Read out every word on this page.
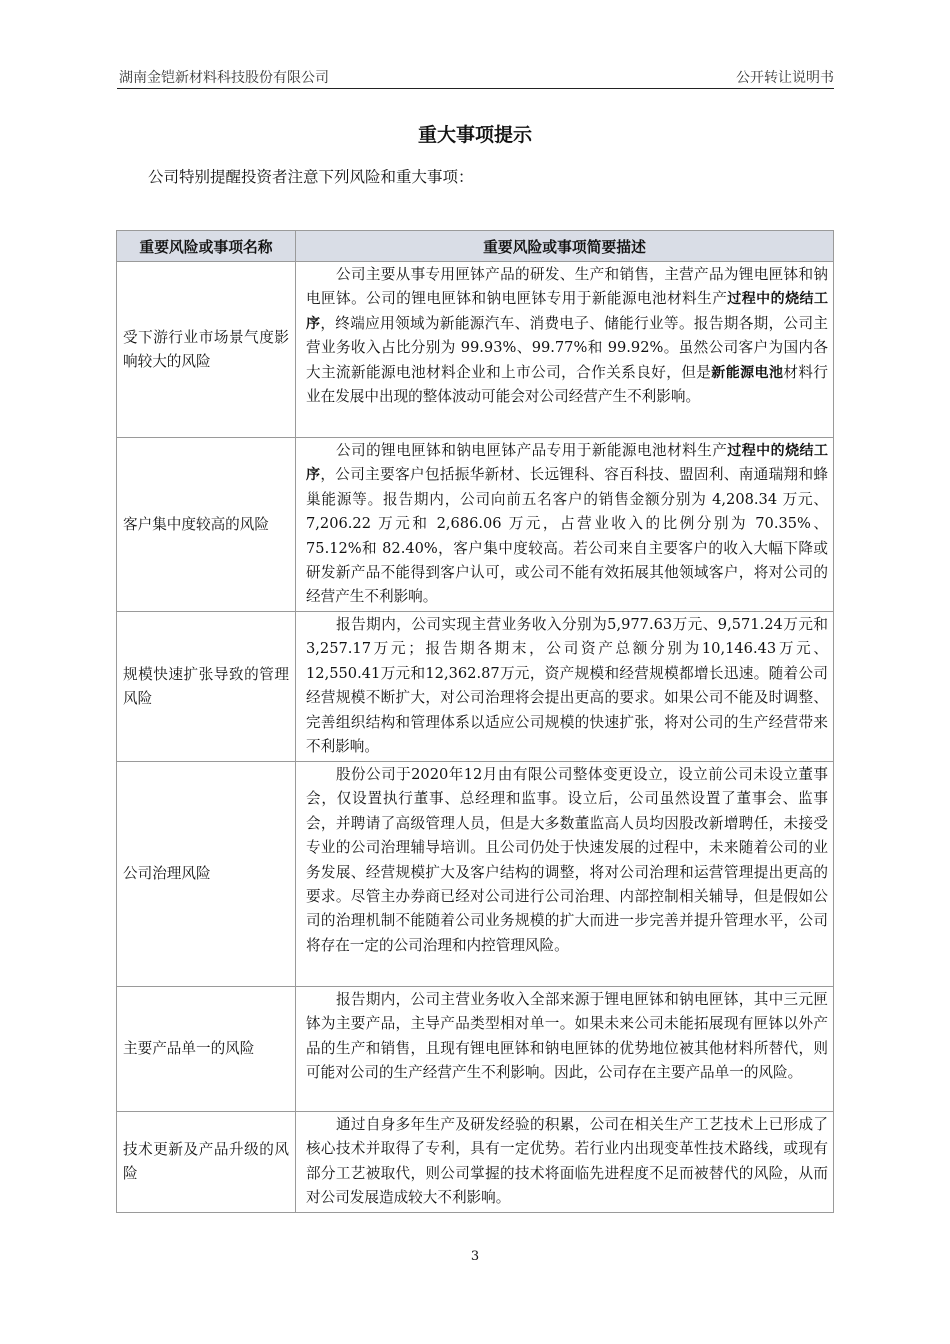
湖南金铠新材料科技股份有限公司	公开转让说明书
重大事项提示
公司特别提醒投资者注意下列风险和重大事项：
重要风险或事项名称	重要风险或事项简要描述
受下游行业市场景气度影响较大的风险	公司主要从事专用匣钵产品的研发、生产和销售，主营产品为锂电匣钵和钠电匣钵。公司的锂电匣钵和钠电匣钵专用于新能源电池材料生产过程中的烧结工序，终端应用领域为新能源汽车、消费电子、储能行业等。报告期各期，公司主营业务收入占比分别为 99.93%、99.77%和 99.92%。虽然公司客户为国内各大主流新能源电池材料企业和上市公司，合作关系良好，但是新能源电池材料行业在发展中出现的整体波动可能会对公司经营产生不利影响。

客户集中度较高的风险	公司的锂电匣钵和钠电匣钵产品专用于新能源电池材料生产过程中的烧结工序，公司主要客户包括振华新材、长远锂科、容百科技、盟固利、南通瑞翔和蜂巢能源等。报告期内，公司向前五名客户的销售金额分别为 4,208.34 万元、7,206.22 万元和 2,686.06 万元，占营业收入的比例分别为 70.35%、75.12%和 82.40%，客户集中度较高。若公司来自主要客户的收入大幅下降或研发新产品不能得到客户认可，或公司不能有效拓展其他领域客户，将对公司的经营产生不利影响。

规模快速扩张导致的管理风险	报告期内，公司实现主营业务收入分别为5,977.63万元、9,571.24万元和3,257.17万元；报告期各期末，公司资产总额分别为10,146.43万元、12,550.41万元和12,362.87万元，资产规模和经营规模都增长迅速。随着公司经营规模不断扩大，对公司治理将会提出更高的要求。如果公司不能及时调整、完善组织结构和管理体系以适应公司规模的快速扩张，将对公司的生产经营带来不利影响。

公司治理风险	股份公司于2020年12月由有限公司整体变更设立，设立前公司未设立董事会，仅设置执行董事、总经理和监事。设立后，公司虽然设置了董事会、监事会，并聘请了高级管理人员，但是大多数董监高人员均因股改新增聘任，未接受专业的公司治理辅导培训。且公司仍处于快速发展的过程中，未来随着公司的业务发展、经营规模扩大及客户结构的调整，将对公司治理和运营管理提出更高的要求。尽管主办券商已经对公司进行公司治理、内部控制相关辅导，但是假如公司的治理机制不能随着公司业务规模的扩大而进一步完善并提升管理水平，公司将存在一定的公司治理和内控管理风险。

主要产品单一的风险	报告期内，公司主营业务收入全部来源于锂电匣钵和钠电匣钵，其中三元匣钵为主要产品，主导产品类型相对单一。如果未来公司未能拓展现有匣钵以外产品的生产和销售，且现有锂电匣钵和钠电匣钵的优势地位被其他材料所替代，则可能对公司的生产经营产生不利影响。因此，公司存在主要产品单一的风险。

技术更新及产品升级的风险	通过自身多年生产及研发经验的积累，公司在相关生产工艺技术上已形成了核心技术并取得了专利，具有一定优势。若行业内出现变革性技术路线，或现有部分工艺被取代，则公司掌握的技术将面临先进程度不足而被替代的风险，从而对公司发展造成较大不利影响。
3
